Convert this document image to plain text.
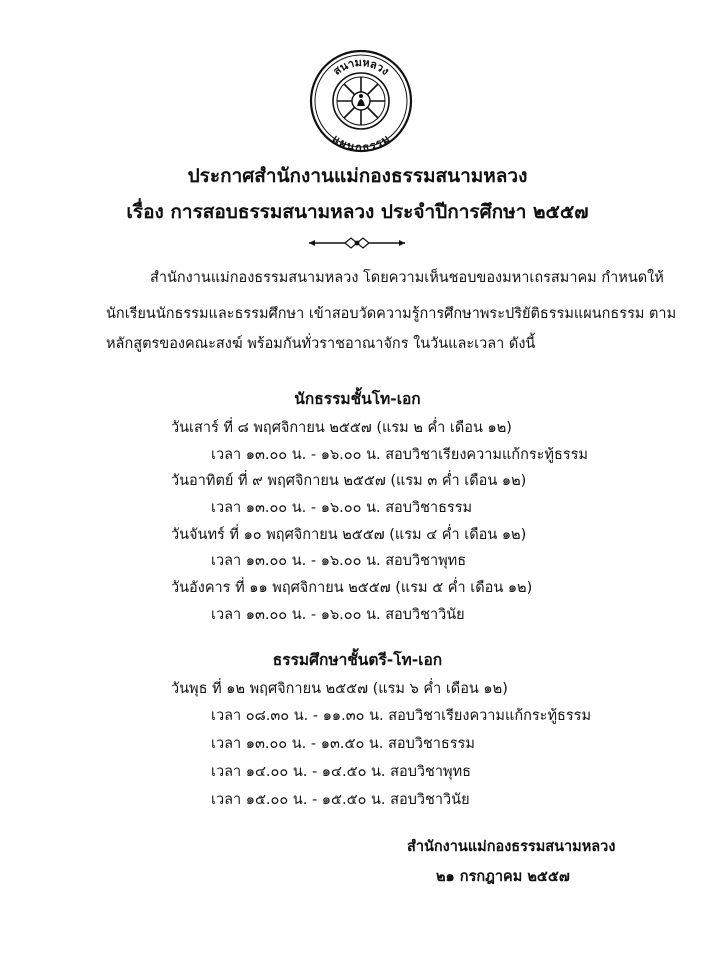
สนามหลวง
แผนกธรรม
ประกาศสำนักงานแม่กองธรรมสนามหลวง
เรื่อง การสอบธรรมสนามหลวง ประจำปีการศึกษา ๒๕๕๗
สำนักงานแม่กองธรรมสนามหลวง โดยความเห็นชอบของมหาเถรสมาคม กำหนดให้
นักเรียนนักธรรมและธรรมศึกษา เข้าสอบวัดความรู้การศึกษาพระปริยัติธรรมแผนกธรรม ตาม
หลักสูตรของคณะสงฆ์ พร้อมกันทั่วราชอาณาจักร ในวันและเวลา ดังนี้
นักธรรมชั้นโท-เอก
วันเสาร์ ที่ ๘ พฤศจิกายน ๒๕๕๗ (แรม ๒ ค่ำ เดือน ๑๒)
เวลา ๑๓.๐๐ น. - ๑๖.๐๐ น. สอบวิชาเรียงความแก้กระทู้ธรรม
วันอาทิตย์ ที่ ๙ พฤศจิกายน ๒๕๕๗ (แรม ๓ ค่ำ เดือน ๑๒)
เวลา ๑๓.๐๐ น. - ๑๖.๐๐ น. สอบวิชาธรรม
วันจันทร์ ที่ ๑๐ พฤศจิกายน ๒๕๕๗ (แรม ๔ ค่ำ เดือน ๑๒)
เวลา ๑๓.๐๐ น. - ๑๖.๐๐ น. สอบวิชาพุทธ
วันอังคาร ที่ ๑๑ พฤศจิกายน ๒๕๕๗ (แรม ๕ ค่ำ เดือน ๑๒)
เวลา ๑๓.๐๐ น. - ๑๖.๐๐ น. สอบวิชาวินัย
ธรรมศึกษาชั้นตรี-โท-เอก
วันพุธ ที่ ๑๒ พฤศจิกายน ๒๕๕๗ (แรม ๖ ค่ำ เดือน ๑๒)
เวลา ๐๘.๓๐ น. - ๑๑.๓๐ น. สอบวิชาเรียงความแก้กระทู้ธรรม
เวลา ๑๓.๐๐ น. - ๑๓.๕๐ น. สอบวิชาธรรม
เวลา ๑๔.๐๐ น. - ๑๔.๕๐ น. สอบวิชาพุทธ
เวลา ๑๕.๐๐ น. - ๑๕.๕๐ น. สอบวิชาวินัย
สำนักงานแม่กองธรรมสนามหลวง
๒๑ กรกฎาคม ๒๕๕๗
